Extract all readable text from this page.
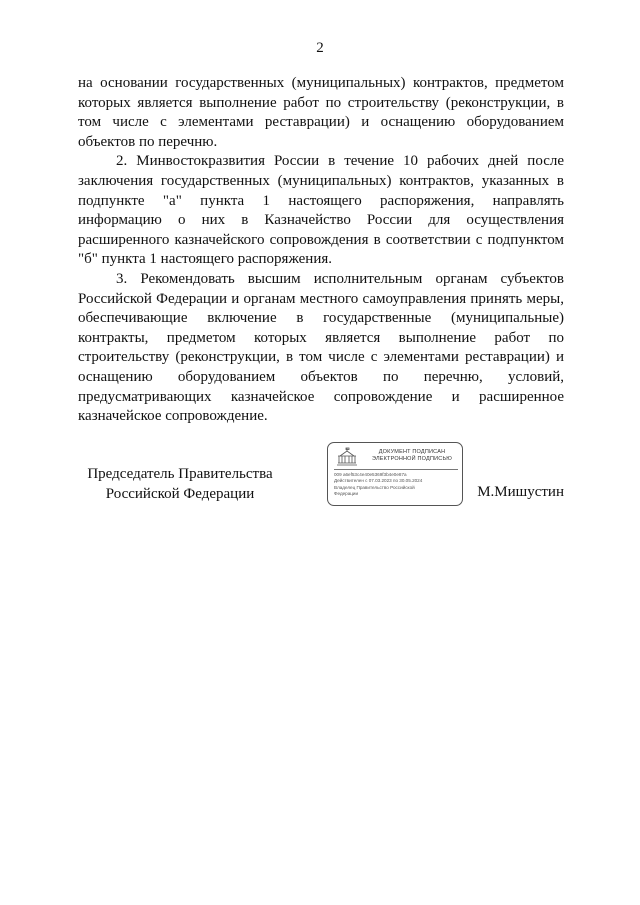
2

на основании государственных (муниципальных) контрактов, предметом которых является выполнение работ по строительству (реконструкции, в том числе с элементами реставрации) и оснащению оборудованием объектов по перечню.

2. Минвостокразвития России в течение 10 рабочих дней после заключения государственных (муниципальных) контрактов, указанных в подпункте "а" пункта 1 настоящего распоряжения, направлять информацию о них в Казначейство России для осуществления расширенного казначейского сопровождения в соответствии с подпунктом "б" пункта 1 настоящего распоряжения.

3. Рекомендовать высшим исполнительным органам субъектов Российской Федерации и органам местного самоуправления принять меры, обеспечивающие включение в государственные (муниципальные) контракты, предметом которых является выполнение работ по строительству (реконструкции, в том числе с элементами реставрации) и оснащению оборудованием объектов по перечню, условий, предусматривающих казначейское сопровождение и расширенное казначейское сопровождение.

Председатель Правительства
Российской Федерации
ДОКУМЕНТ ПОДПИСАН
ЭЛЕКТРОННОЙ ПОДПИСЬЮ
009 a6ef53c4e40e5369f3b4e0e87a
Действителен с 07.03.2023 по 30.05.2024
Владелец Правительство Российской
Федерации	М.Мишустин
